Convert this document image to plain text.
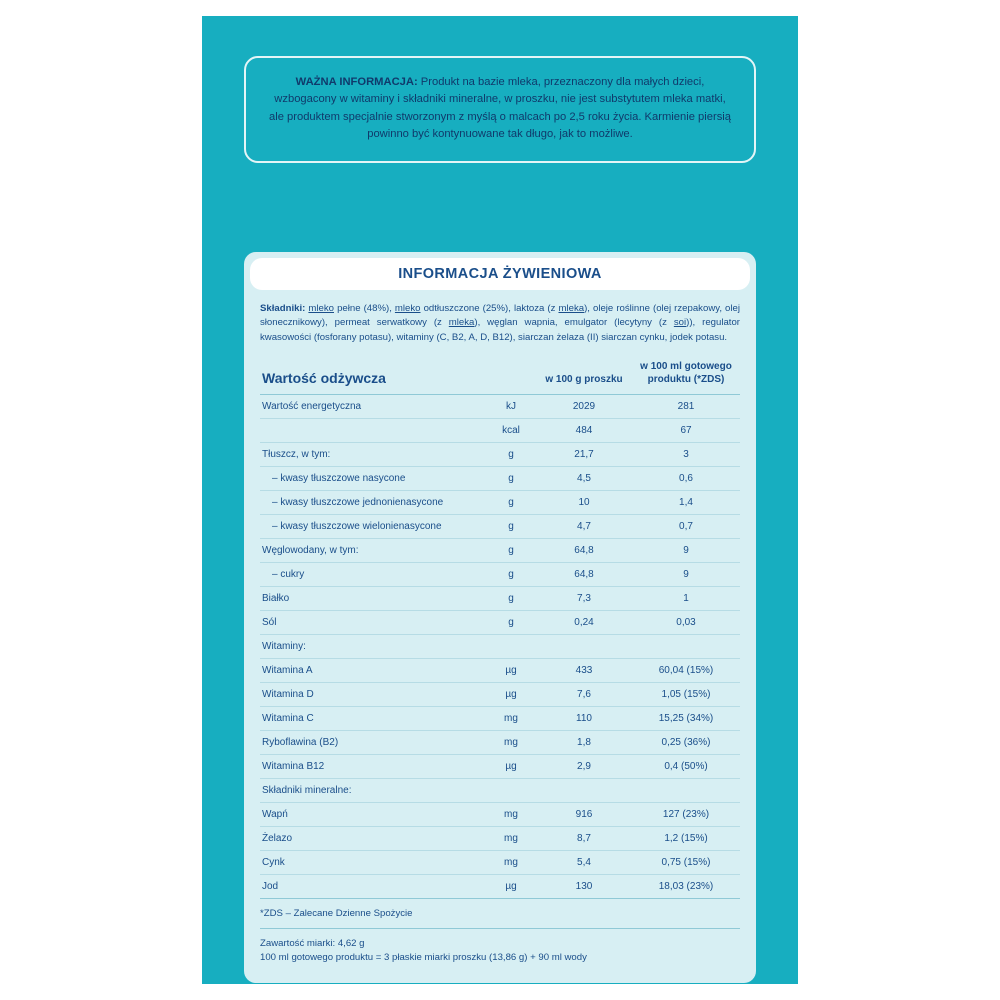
WAŻNA INFORMACJA: Produkt na bazie mleka, przeznaczony dla małych dzieci, wzbogacony w witaminy i składniki mineralne, w proszku, nie jest substytutem mleka matki, ale produktem specjalnie stworzonym z myślą o malcach po 2,5 roku życia. Karmienie piersią powinno być kontynuowane tak długo, jak to możliwe.
INFORMACJA ŻYWIENIOWA
Składniki: mleko pełne (48%), mleko odtłuszczone (25%), laktoza (z mleka), oleje roślinne (olej rzepakowy, olej słonecznikowy), permeat serwatkowy (z mleka), węglan wapnia, emulgator (lecytyny (z soi)), regulator kwasowości (fosforany potasu), witaminy (C, B2, A, D, B12), siarczan żelaza (II) siarczan cynku, jodek potasu.
Wartość odżywcza		w 100 g proszku	w 100 ml gotowego produktu (*ZDS)
Wartość energetyczna	kJ	2029	281
	kcal	484	67
Tłuszcz, w tym:	g	21,7	3
– kwasy tłuszczowe nasycone	g	4,5	0,6
– kwasy tłuszczowe jednonienasycone	g	10	1,4
– kwasy tłuszczowe wielonienasycone	g	4,7	0,7
Węglowodany, w tym:	g	64,8	9
– cukry	g	64,8	9
Białko	g	7,3	1
Sól	g	0,24	0,03
Witaminy:			
Witamina A	µg	433	60,04 (15%)
Witamina D	µg	7,6	1,05 (15%)
Witamina C	mg	110	15,25 (34%)
Ryboflawina (B2)	mg	1,8	0,25 (36%)
Witamina B12	µg	2,9	0,4 (50%)
Składniki mineralne:			
Wapń	mg	916	127 (23%)
Żelazo	mg	8,7	1,2 (15%)
Cynk	mg	5,4	0,75 (15%)
Jod	µg	130	18,03 (23%)
*ZDS – Zalecane Dzienne Spożycie
Zawartość miarki: 4,62 g
100 ml gotowego produktu = 3 płaskie miarki proszku (13,86 g) + 90 ml wody
